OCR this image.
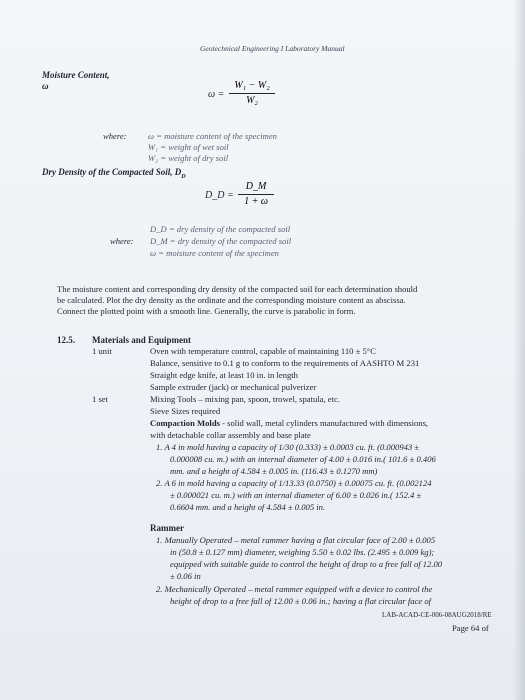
Geotechnical Engineering I Laboratory Manual
Moisture Content,
ω
ω =
W₁ − W₂
W₂
where: ω = moisture content of the specimen
W₁ = weight of wet soil
W₂ = weight of dry soil
Dry Density of the Compacted Soil, $D_D$
D_D =
D_M
1 + ω
D_D = dry density of the compacted soil
where: D_M = dry density of the compacted soil
ω = moisture content of the specimen
The moisture content and corresponding dry density of the compacted soil for each determination should
be calculated. Plot the dry density as the ordinate and the corresponding moisture content as abscissa.
Connect the plotted point with a smooth line. Generally, the curve is parabolic in form.
12.5. Materials and Equipment
1 unit	Oven with temperature control, capable of maintaining 110 ± 5°C
Balance, sensitive to 0.1 g to conform to the requirements of AASHTO M 231
Straight edge knife, at least 10 in. in length
Sample extruder (jack) or mechanical pulverizer
1 set	Mixing Tools – mixing pan, spoon, trowel, spatula, etc.
Sieve Sizes required
Compaction Molds - solid wall, metal cylinders manufactured with dimensions,
with detachable collar assembly and base plate
1. A 4 in mold having a capacity of 1/30 (0.333) ± 0.0003 cu. ft. (0.000943 ±
0.000008 cu. m.) with an internal diameter of 4.00 ± 0.016 in.( 101.6 ± 0.406
mm. and a height of 4.584 ± 0.005 in. (116.43 ± 0.1270 mm)
2. A 6 in mold having a capacity of 1/13.33 (0.0750) ± 0.00075 cu. ft. (0.002124
± 0.000021 cu. m.) with an internal diameter of 6.00 ± 0.026 in.( 152.4 ±
0.6604 mm. and a height of 4.584 ± 0.005 in.
Rammer
1. Manually Operated – metal rammer having a flat circular face of 2.00 ± 0.005
in (50.8 ± 0.127 mm) diameter, weighing 5.50 ± 0.02 lbs. (2.495 ± 0.009 kg);
equipped with suitable guide to control the height of drop to a free fall of 12.00
± 0.06 in
2. Mechanically Operated – metal rammer equipped with a device to control the
height of drop to a free fall of 12.00 ± 0.06 in.; having a flat circular face of
LAB-ACAD-CE-006-08AUG2018/RE
Page 64 of
